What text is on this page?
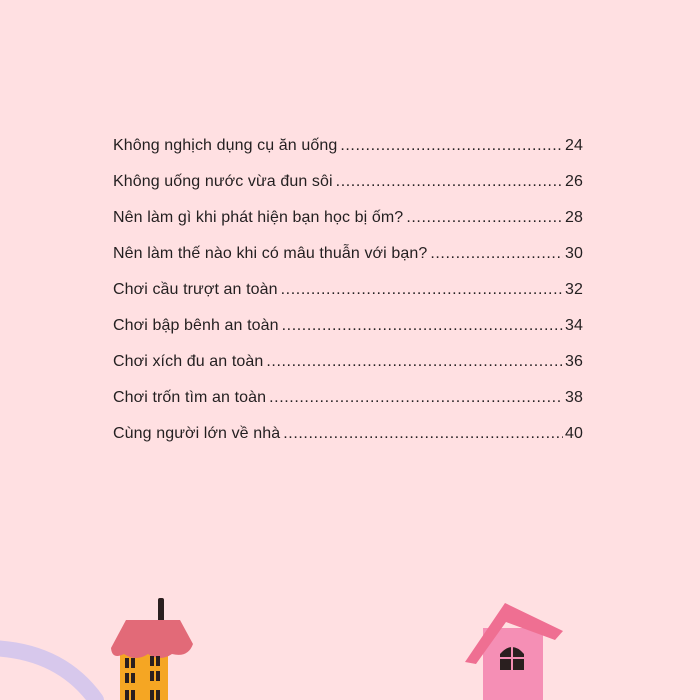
Không nghịch dụng cụ ăn uống .....	24
Không uống nước vừa đun sôi .....	26
Nên làm gì khi phát hiện bạn học bị ốm? .....	28
Nên làm thế nào khi có mâu thuẫn với bạn? .....	30
Chơi cầu trượt an toàn .....	32
Chơi bập bênh an toàn .....	34
Chơi xích đu an toàn .....	36
Chơi trốn tìm an toàn .....	38
Cùng người lớn về nhà .....	40
